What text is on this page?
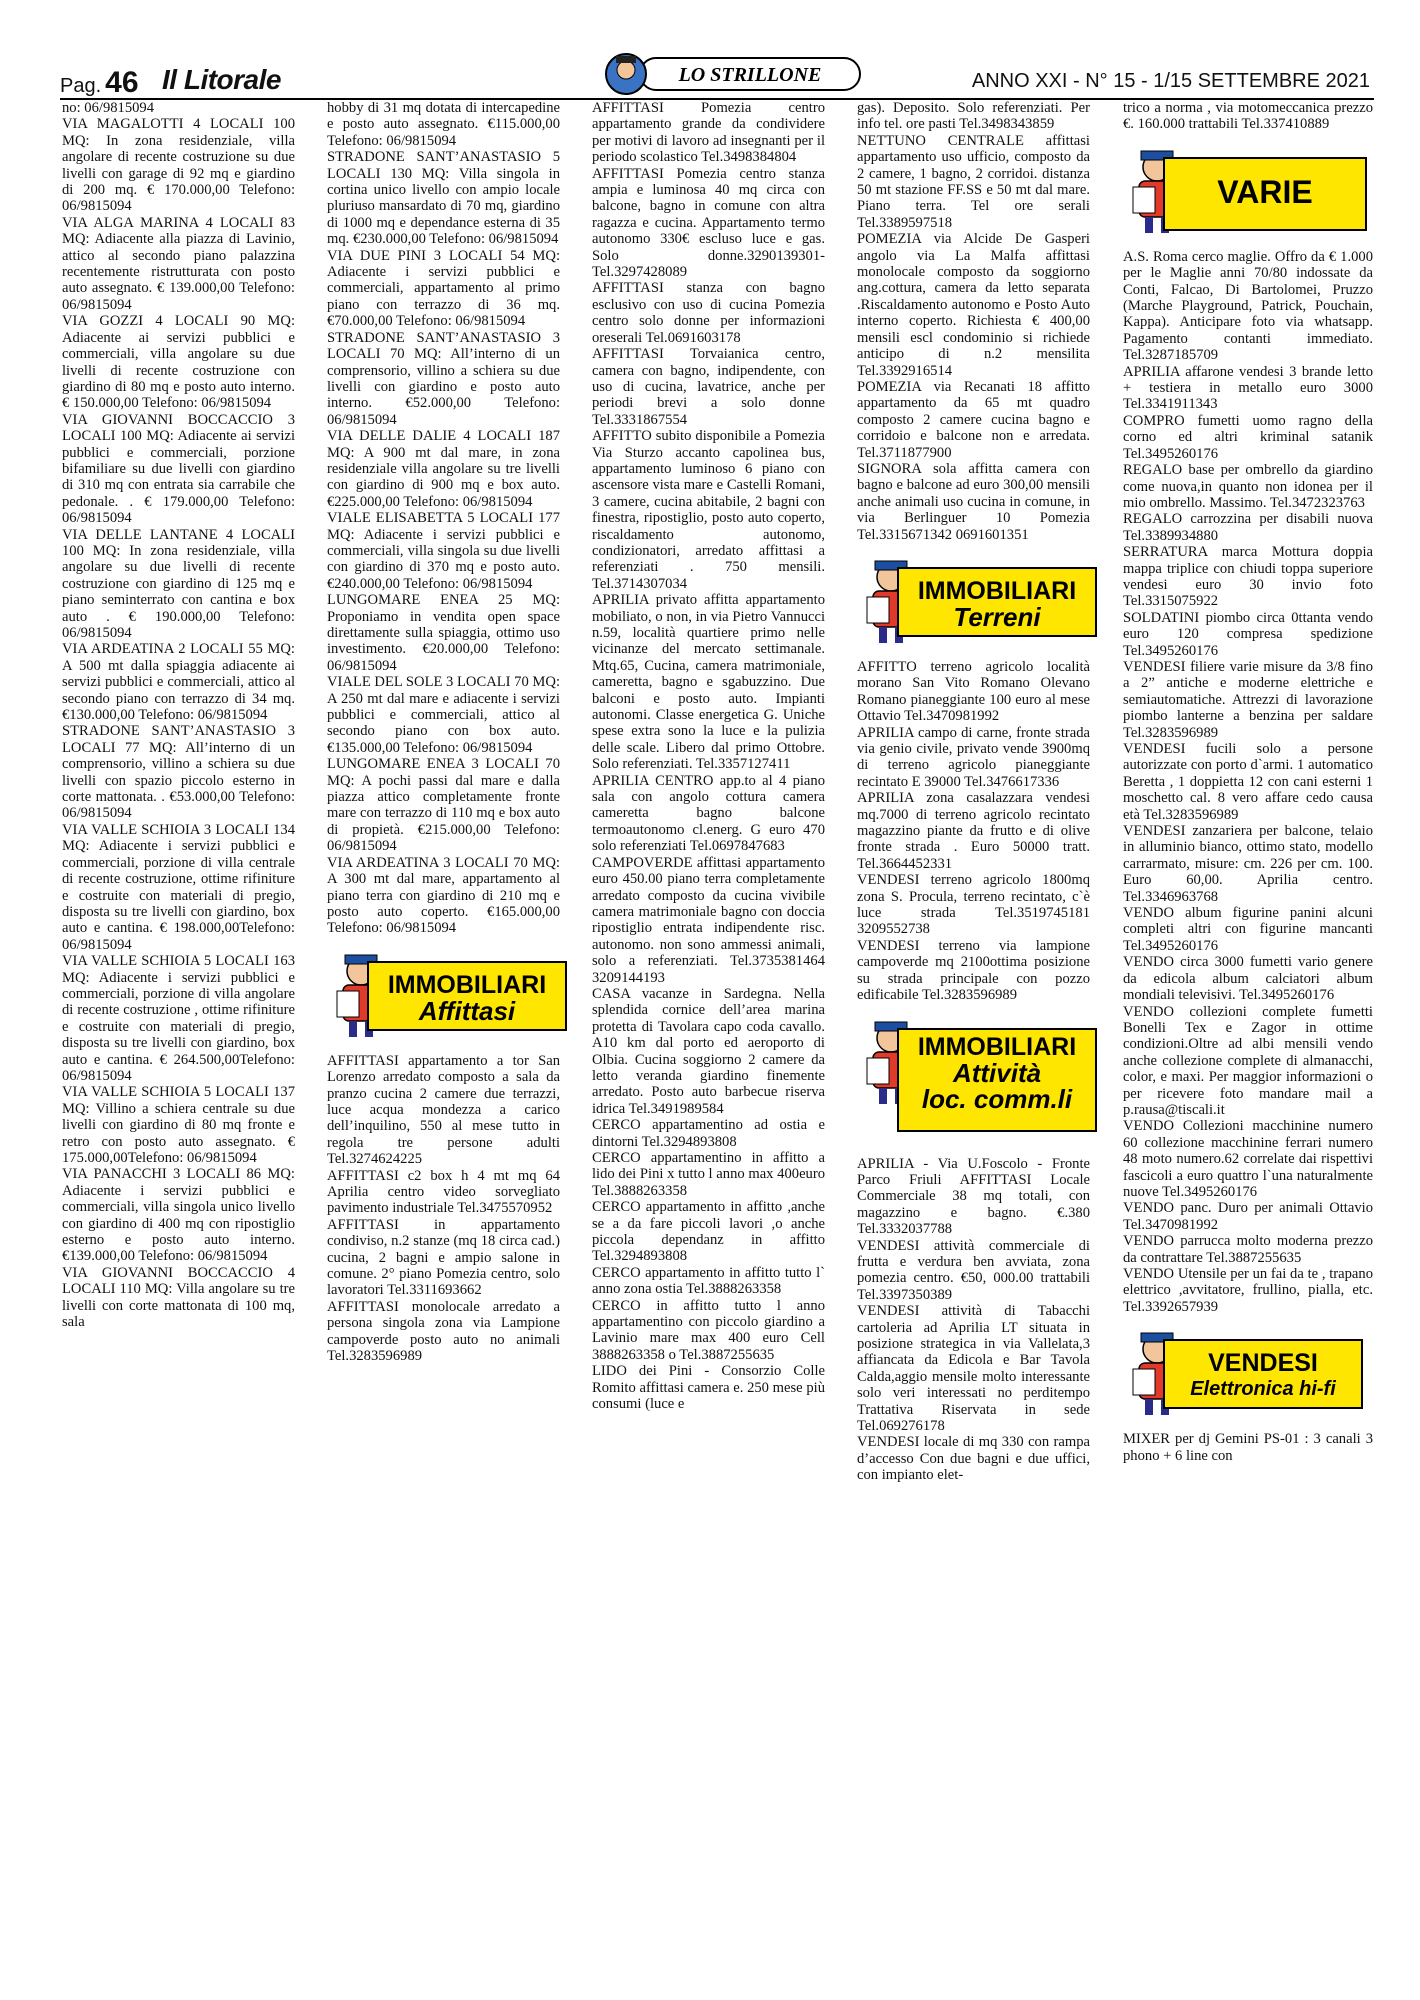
Pag. 46 Il Litorale	LO STRILLONE	ANNO XXI - N° 15 - 1/15 SETTEMBRE 2021

no: 06/9815094

VIA MAGALOTTI 4 LOCALI 100 MQ: In zona residenziale, villa angolare di recente costruzione su due livelli con garage di 92 mq e giardino di 200 mq. € 170.000,00 Telefono: 06/9815094

VIA ALGA MARINA 4 LOCALI 83 MQ: Adiacente alla piazza di Lavinio, attico al secondo piano palazzina recentemente ristrutturata con posto auto assegnato. € 139.000,00 Telefono: 06/9815094

VIA GOZZI 4 LOCALI 90 MQ: Adiacente ai servizi pubblici e commerciali, villa angolare su due livelli di recente costruzione con giardino di 80 mq e posto auto interno. € 150.000,00 Telefono: 06/9815094

VIA GIOVANNI BOCCACCIO 3 LOCALI 100 MQ: Adiacente ai servizi pubblici e commerciali, porzione bifamiliare su due livelli con giardino di 310 mq con entrata sia carrabile che pedonale. . € 179.000,00 Telefono: 06/9815094

VIA DELLE LANTANE 4 LOCALI 100 MQ: In zona residenziale, villa angolare su due livelli di recente costruzione con giardino di 125 mq e piano seminterrato con cantina e box auto . € 190.000,00 Telefono: 06/9815094

VIA ARDEATINA 2 LOCALI 55 MQ: A 500 mt dalla spiaggia adiacente ai servizi pubblici e commerciali, attico al secondo piano con terrazzo di 34 mq. €130.000,00 Telefono: 06/9815094

STRADONE SANT’ANASTASIO 3 LOCALI 77 MQ: All’interno di un comprensorio, villino a schiera su due livelli con spazio piccolo esterno in corte mattonata. . €53.000,00 Telefono: 06/9815094

VIA VALLE SCHIOIA 3 LOCALI 134 MQ: Adiacente i servizi pubblici e commerciali, porzione di villa centrale di recente costruzione, ottime rifiniture e costruite con materiali di pregio, disposta su tre livelli con giardino, box auto e cantina. € 198.000,00Telefono: 06/9815094

VIA VALLE SCHIOIA 5 LOCALI 163 MQ: Adiacente i servizi pubblici e commerciali, porzione di villa angolare di recente costruzione , ottime rifiniture e costruite con materiali di pregio, disposta su tre livelli con giardino, box auto e cantina. € 264.500,00Telefono: 06/9815094

VIA VALLE SCHIOIA 5 LOCALI 137 MQ: Villino a schiera centrale su due livelli con giardino di 80 mq fronte e retro con posto auto assegnato. € 175.000,00Telefono: 06/9815094

VIA PANACCHI 3 LOCALI 86 MQ: Adiacente i servizi pubblici e commerciali, villa singola unico livello con giardino di 400 mq con ripostiglio esterno e posto auto interno. €139.000,00 Telefono: 06/9815094

VIA GIOVANNI BOCCACCIO 4 LOCALI 110 MQ: Villa angolare su tre livelli con corte mattonata di 100 mq, sala

hobby di 31 mq dotata di intercapedine e posto auto assegnato. €115.000,00 Telefono: 06/9815094

STRADONE SANT’ANASTASIO 5 LOCALI 130 MQ: Villa singola in cortina unico livello con ampio locale pluriuso mansardato di 70 mq, giardino di 1000 mq e dependance esterna di 35 mq. €230.000,00 Telefono: 06/9815094

VIA DUE PINI 3 LOCALI 54 MQ: Adiacente i servizi pubblici e commerciali, appartamento al primo piano con terrazzo di 36 mq. €70.000,00 Telefono: 06/9815094

STRADONE SANT’ANASTASIO 3 LOCALI 70 MQ: All’interno di un comprensorio, villino a schiera su due livelli con giardino e posto auto interno. €52.000,00 Telefono: 06/9815094

VIA DELLE DALIE 4 LOCALI 187 MQ: A 900 mt dal mare, in zona residenziale villa angolare su tre livelli con giardino di 900 mq e box auto. €225.000,00 Telefono: 06/9815094

VIALE ELISABETTA 5 LOCALI 177 MQ: Adiacente i servizi pubblici e commerciali, villa singola su due livelli con giardino di 370 mq e posto auto. €240.000,00 Telefono: 06/9815094

LUNGOMARE ENEA 25 MQ: Proponiamo in vendita open space direttamente sulla spiaggia, ottimo uso investimento. €20.000,00 Telefono: 06/9815094

VIALE DEL SOLE 3 LOCALI 70 MQ: A 250 mt dal mare e adiacente i servizi pubblici e commerciali, attico al secondo piano con box auto. €135.000,00 Telefono: 06/9815094

LUNGOMARE ENEA 3 LOCALI 70 MQ: A pochi passi dal mare e dalla piazza attico completamente fronte mare con terrazzo di 110 mq e box auto di propietà. €215.000,00 Telefono: 06/9815094

VIA ARDEATINA 3 LOCALI 70 MQ: A 300 mt dal mare, appartamento al piano terra con giardino di 210 mq e posto auto coperto. €165.000,00 Telefono: 06/9815094

IMMOBILIARI
Affittasi

AFFITTASI appartamento a tor San Lorenzo arredato composto a sala da pranzo cucina 2 camere due terrazzi, luce acqua mondezza a carico dell’inquilino, 550 al mese tutto in regola tre persone adulti Tel.3274624225

AFFITTASI c2 box h 4 mt mq 64 Aprilia centro video sorvegliato pavimento industriale Tel.3475570952

AFFITTASI in appartamento condiviso, n.2 stanze (mq 18 circa cad.) cucina, 2 bagni e ampio salone in comune. 2° piano Pomezia centro, solo lavoratori Tel.3311693662

AFFITTASI monolocale arredato a persona singola zona via Lampione campoverde posto auto no animali Tel.3283596989

AFFITTASI Pomezia centro appartamento grande da condividere per motivi di lavoro ad insegnanti per il periodo scolastico Tel.3498384804

AFFITTASI Pomezia centro stanza ampia e luminosa 40 mq circa con balcone, bagno in comune con altra ragazza e cucina. Appartamento termo autonomo 330€ escluso luce e gas. Solo donne.3290139301-Tel.3297428089

AFFITTASI stanza con bagno esclusivo con uso di cucina Pomezia centro solo donne per informazioni oreserali Tel.0691603178

AFFITTASI Torvaianica centro, camera con bagno, indipendente, con uso di cucina, lavatrice, anche per periodi brevi a solo donne Tel.3331867554

AFFITTO subito disponibile a Pomezia Via Sturzo accanto capolinea bus, appartamento luminoso 6 piano con ascensore vista mare e Castelli Romani, 3 camere, cucina abitabile, 2 bagni con finestra, ripostiglio, posto auto coperto, riscaldamento autonomo, condizionatori, arredato affittasi a referenziati . 750 mensili. Tel.3714307034

APRILIA privato affitta appartamento mobiliato, o non, in via Pietro Vannucci n.59, località quartiere primo nelle vicinanze del mercato settimanale. Mtq.65, Cucina, camera matrimoniale, cameretta, bagno e sgabuzzino. Due balconi e posto auto. Impianti autonomi. Classe energetica G. Uniche spese extra sono la luce e la pulizia delle scale. Libero dal primo Ottobre. Solo referenziati. Tel.3357127411

APRILIA CENTRO app.to al 4 piano sala con angolo cottura camera cameretta bagno balcone termoautonomo cl.energ. G euro 470 solo referenziati Tel.0697847683

CAMPOVERDE affittasi appartamento euro 450.00 piano terra completamente arredato composto da cucina vivibile camera matrimoniale bagno con doccia ripostiglio entrata indipendente risc. autonomo. non sono ammessi animali, solo a referenziati. Tel.3735381464 3209144193

CASA vacanze in Sardegna. Nella splendida cornice dell’area marina protetta di Tavolara capo coda cavallo. A10 km dal porto ed aeroporto di Olbia. Cucina soggiorno 2 camere da letto veranda giardino finemente arredato. Posto auto barbecue riserva idrica Tel.3491989584

CERCO appartamentino ad ostia e dintorni Tel.3294893808

CERCO appartamentino in affitto a lido dei Pini x tutto l anno max 400euro Tel.3888263358

CERCO appartamento in affitto ,anche se a da fare piccoli lavori ,o anche piccola dependanz in affitto Tel.3294893808

CERCO appartamento in affitto tutto l` anno zona ostia Tel.3888263358

CERCO in affitto tutto l anno appartamentino con piccolo giardino a Lavinio mare max 400 euro Cell 3888263358 o Tel.3887255635

LIDO dei Pini - Consorzio Colle Romito affittasi camera e. 250 mese più consumi (luce e

gas). Deposito. Solo referenziati. Per info tel. ore pasti Tel.3498343859

NETTUNO CENTRALE affittasi appartamento uso ufficio, composto da 2 camere, 1 bagno, 2 corridoi. distanza 50 mt stazione FF.SS e 50 mt dal mare. Piano terra. Tel ore serali Tel.3389597518

POMEZIA via Alcide De Gasperi angolo via La Malfa affittasi monolocale composto da soggiorno ang.cottura, camera da letto separata .Riscaldamento autonomo e Posto Auto interno coperto. Richiesta € 400,00 mensili escl condominio si richiede anticipo di n.2 mensilita Tel.3392916514

POMEZIA via Recanati 18 affitto appartamento da 65 mt quadro composto 2 camere cucina bagno e corridoio e balcone non e arredata. Tel.3711877900

SIGNORA sola affitta camera con bagno e balcone ad euro 300,00 mensili anche animali uso cucina in comune, in via Berlinguer 10 Pomezia Tel.3315671342 0691601351

IMMOBILIARI
Terreni

AFFITTO terreno agricolo località morano San Vito Romano Olevano Romano pianeggiante 100 euro al mese Ottavio Tel.3470981992

APRILIA campo di carne, fronte strada via genio civile, privato vende 3900mq di terreno agricolo pianeggiante recintato E 39000 Tel.3476617336

APRILIA zona casalazzara vendesi mq.7000 di terreno agricolo recintato magazzino piante da frutto e di olive fronte strada . Euro 50000 tratt. Tel.3664452331

VENDESI terreno agricolo 1800mq zona S. Procula, terreno recintato, c`è luce strada Tel.3519745181 3209552738

VENDESI terreno via lampione campoverde mq 2100ottima posizione su strada principale con pozzo edificabile Tel.3283596989

IMMOBILIARI
Attività
loc. comm.li

APRILIA - Via U.Foscolo - Fronte Parco Friuli AFFITTASI Locale Commerciale 38 mq totali, con magazzino e bagno. €.380 Tel.3332037788

VENDESI attività commerciale di frutta e verdura ben avviata, zona pomezia centro. €50, 000.00 trattabili Tel.3397350389

VENDESI attività di Tabacchi cartoleria ad Aprilia LT situata in posizione strategica in via Vallelata,3 affiancata da Edicola e Bar Tavola Calda,aggio mensile molto interessante solo veri interessati no perditempo Trattativa Riservata in sede Tel.069276178

VENDESI locale di mq 330 con rampa d’accesso Con due bagni e due uffici, con impianto elet-

trico a norma , via motomeccanica prezzo €. 160.000 trattabili Tel.337410889

VARIE

A.S. Roma cerco maglie. Offro da € 1.000 per le Maglie anni 70/80 indossate da Conti, Falcao, Di Bartolomei, Pruzzo (Marche Playground, Patrick, Pouchain, Kappa). Anticipare foto via whatsapp. Pagamento contanti immediato. Tel.3287185709

APRILIA affarone vendesi 3 brande letto + testiera in metallo euro 3000 Tel.3341911343

COMPRO fumetti uomo ragno della corno ed altri kriminal satanik Tel.3495260176

REGALO base per ombrello da giardino come nuova,in quanto non idonea per il mio ombrello. Massimo. Tel.3472323763

REGALO carrozzina per disabili nuova Tel.3389934880

SERRATURA marca Mottura doppia mappa triplice con chiudi toppa superiore vendesi euro 30 invio foto Tel.3315075922

SOLDATINI piombo circa 0ttanta vendo euro 120 compresa spedizione Tel.3495260176

VENDESI filiere varie misure da 3/8 fino a 2” antiche e moderne elettriche e semiautomatiche. Attrezzi di lavorazione piombo lanterne a benzina per saldare Tel.3283596989

VENDESI fucili solo a persone autorizzate con porto d`armi. 1 automatico Beretta , 1 doppietta 12 con cani esterni 1 moschetto cal. 8 vero affare cedo causa età Tel.3283596989

VENDESI zanzariera per balcone, telaio in alluminio bianco, ottimo stato, modello carrarmato, misure: cm. 226 per cm. 100. Euro 60,00. Aprilia centro. Tel.3346963768

VENDO album figurine panini alcuni completi altri con figurine mancanti Tel.3495260176

VENDO circa 3000 fumetti vario genere da edicola album calciatori album mondiali televisivi. Tel.3495260176

VENDO collezioni complete fumetti Bonelli Tex e Zagor in ottime condizioni.Oltre ad albi mensili vendo anche collezione complete di almanacchi, color, e maxi. Per maggior informazioni o per ricevere foto mandare mail a p.rausa@tiscali.it

VENDO Collezioni macchinine numero 60 collezione macchinine ferrari numero 48 moto numero.62 correlate dai rispettivi fascicoli a euro quattro l`una naturalmente nuove Tel.3495260176

VENDO panc. Duro per animali Ottavio Tel.3470981992

VENDO parrucca molto moderna prezzo da contrattare Tel.3887255635

VENDO Utensile per un fai da te , trapano elettrico ,avvitatore, frullino, pialla, etc. Tel.3392657939

VENDESI
Elettronica hi-fi

MIXER per dj Gemini PS-01 : 3 canali 3 phono + 6 line con
